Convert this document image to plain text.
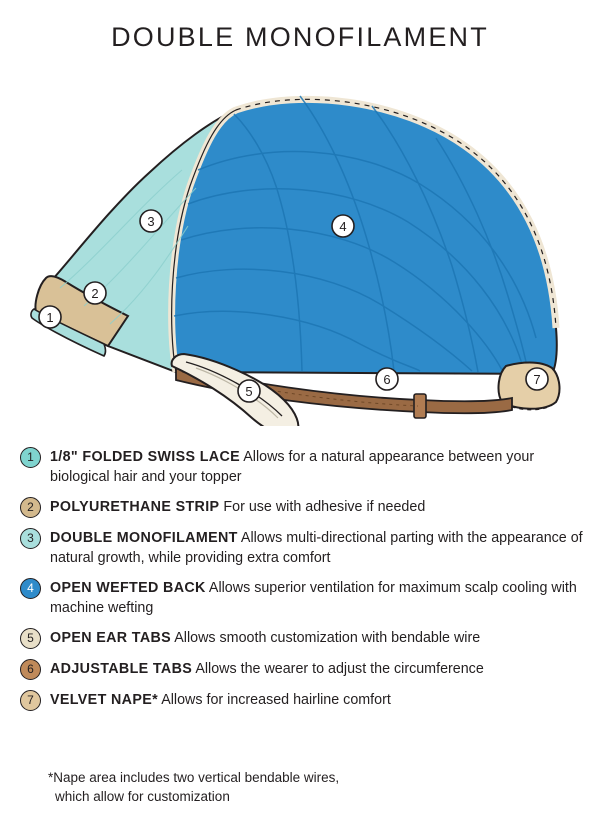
DOUBLE MONOFILAMENT
1
2
3	4
5
6	7
1	1/8" FOLDED SWISS LACE Allows for a natural appearance between your biological hair and your topper
2	POLYURETHANE STRIP For use with adhesive if needed
3	DOUBLE MONOFILAMENT Allows multi-directional parting with the appearance of natural growth, while providing extra comfort
4	OPEN WEFTED BACK Allows superior ventilation for maximum scalp cooling with machine wefting
5	OPEN EAR TABS Allows smooth customization with bendable wire
6	ADJUSTABLE TABS Allows the wearer to adjust the circumference
7	VELVET NAPE* Allows for increased hairline comfort
*Nape area includes two vertical bendable wires,
which allow for customization
